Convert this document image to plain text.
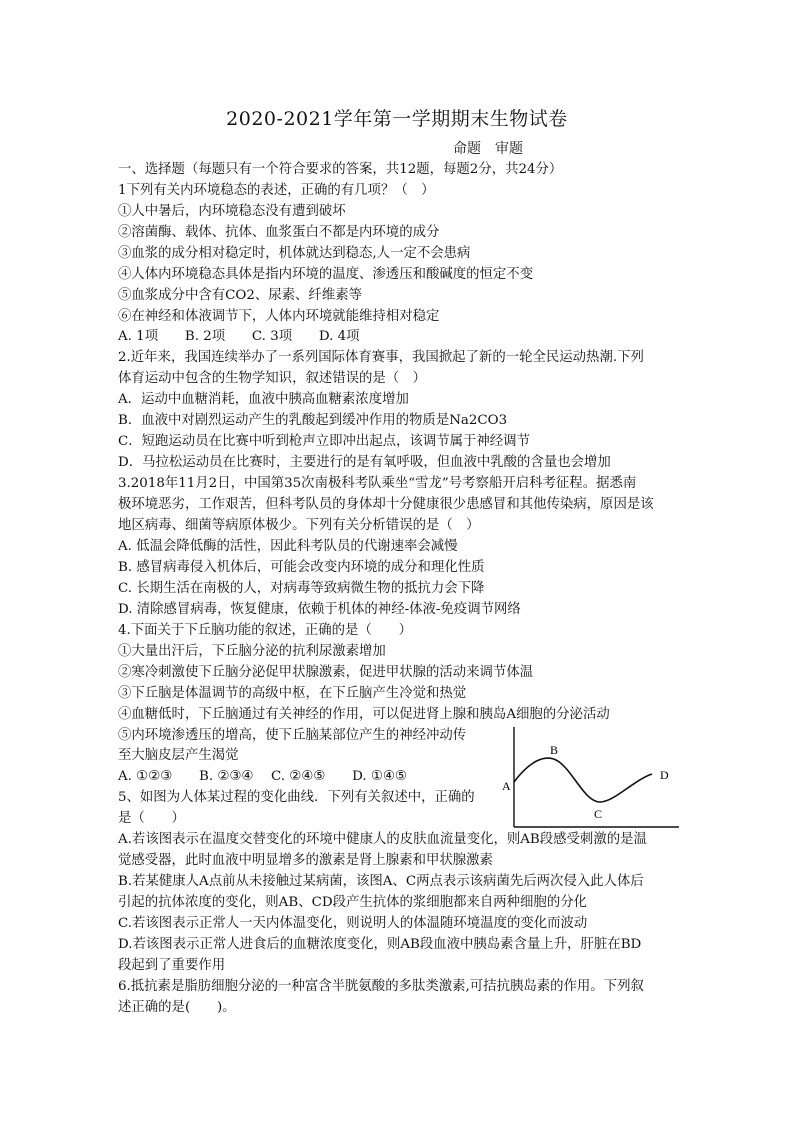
2020-2021学年第一学期期末生物试卷
命题 审题
一、选择题（每题只有一个符合要求的答案，共12题，每题2分，共24分）
1下列有关内环境稳态的表述，正确的有几项？（　）
①人中暑后，内环境稳态没有遭到破坏
②溶菌酶、载体、抗体、血浆蛋白不都是内环境的成分
③血浆的成分相对稳定时，机体就达到稳态,人一定不会患病
④人体内环境稳态具体是指内环境的温度、渗透压和酸碱度的恒定不变
⑤血浆成分中含有CO2、尿素、纤维素等
⑥在神经和体液调节下，人体内环境就能维持相对稳定
A. 1项　　B. 2项　　C. 3项　　D. 4项
2.近年来，我国连续举办了一系列国际体育赛事，我国掀起了新的一轮全民运动热潮.下列
体育运动中包含的生物学知识，叙述错误的是（　）
A．运动中血糖消耗，血液中胰高血糖素浓度增加
B．血液中对剧烈运动产生的乳酸起到缓冲作用的物质是Na2CO3
C．短跑运动员在比赛中听到枪声立即冲出起点，该调节属于神经调节
D．马拉松运动员在比赛时，主要进行的是有氧呼吸，但血液中乳酸的含量也会增加
3.2018年11月2日，中国第35次南极科考队乘坐“雪龙”号考察船开启科考征程。据悉南
极环境恶劣，工作艰苦，但科考队员的身体却十分健康很少患感冒和其他传染病，原因是该
地区病毒、细菌等病原体极少。下列有关分析错误的是（　）
A. 低温会降低酶的活性，因此科考队员的代谢速率会减慢
B. 感冒病毒侵入机体后，可能会改变内环境的成分和理化性质
C. 长期生活在南极的人，对病毒等致病微生物的抵抗力会下降
D. 清除感冒病毒，恢复健康，依赖于机体的神经-体液-免疫调节网络
4.下面关于下丘脑功能的叙述，正确的是（　　）
①大量出汗后，下丘脑分泌的抗利尿激素增加
②寒冷刺激使下丘脑分泌促甲状腺激素，促进甲状腺的活动来调节体温
③下丘脑是体温调节的高级中枢，在下丘脑产生冷觉和热觉
④血糖低时，下丘脑通过有关神经的作用，可以促进肾上腺和胰岛A细胞的分泌活动
⑤内环境渗透压的增高，使下丘脑某部位产生的神经冲动传
至大脑皮层产生渴觉
A. ①②③　　B. ②③④　 C. ②④⑤　　D. ①④⑤
5、如图为人体某过程的变化曲线．下列有关叙述中，正确的
是（　　）
A.若该图表示在温度交替变化的环境中健康人的皮肤血流量变化，则AB段感受刺激的是温
觉感受器，此时血液中明显增多的激素是肾上腺素和甲状腺激素
B.若某健康人A点前从未接触过某病菌，该图A、C两点表示该病菌先后两次侵入此人体后
引起的抗体浓度的变化，则AB、CD段产生抗体的浆细胞都来自两种细胞的分化
C.若该图表示正常人一天内体温变化，则说明人的体温随环境温度的变化而波动
D.若该图表示正常人进食后的血糖浓度变化，则AB段血液中胰岛素含量上升，肝脏在BD
段起到了重要作用
6.抵抗素是脂肪细胞分泌的一种富含半胱氨酸的多肽类激素,可拮抗胰岛素的作用。下列叙
述正确的是(　　)。
A
B
C
D
